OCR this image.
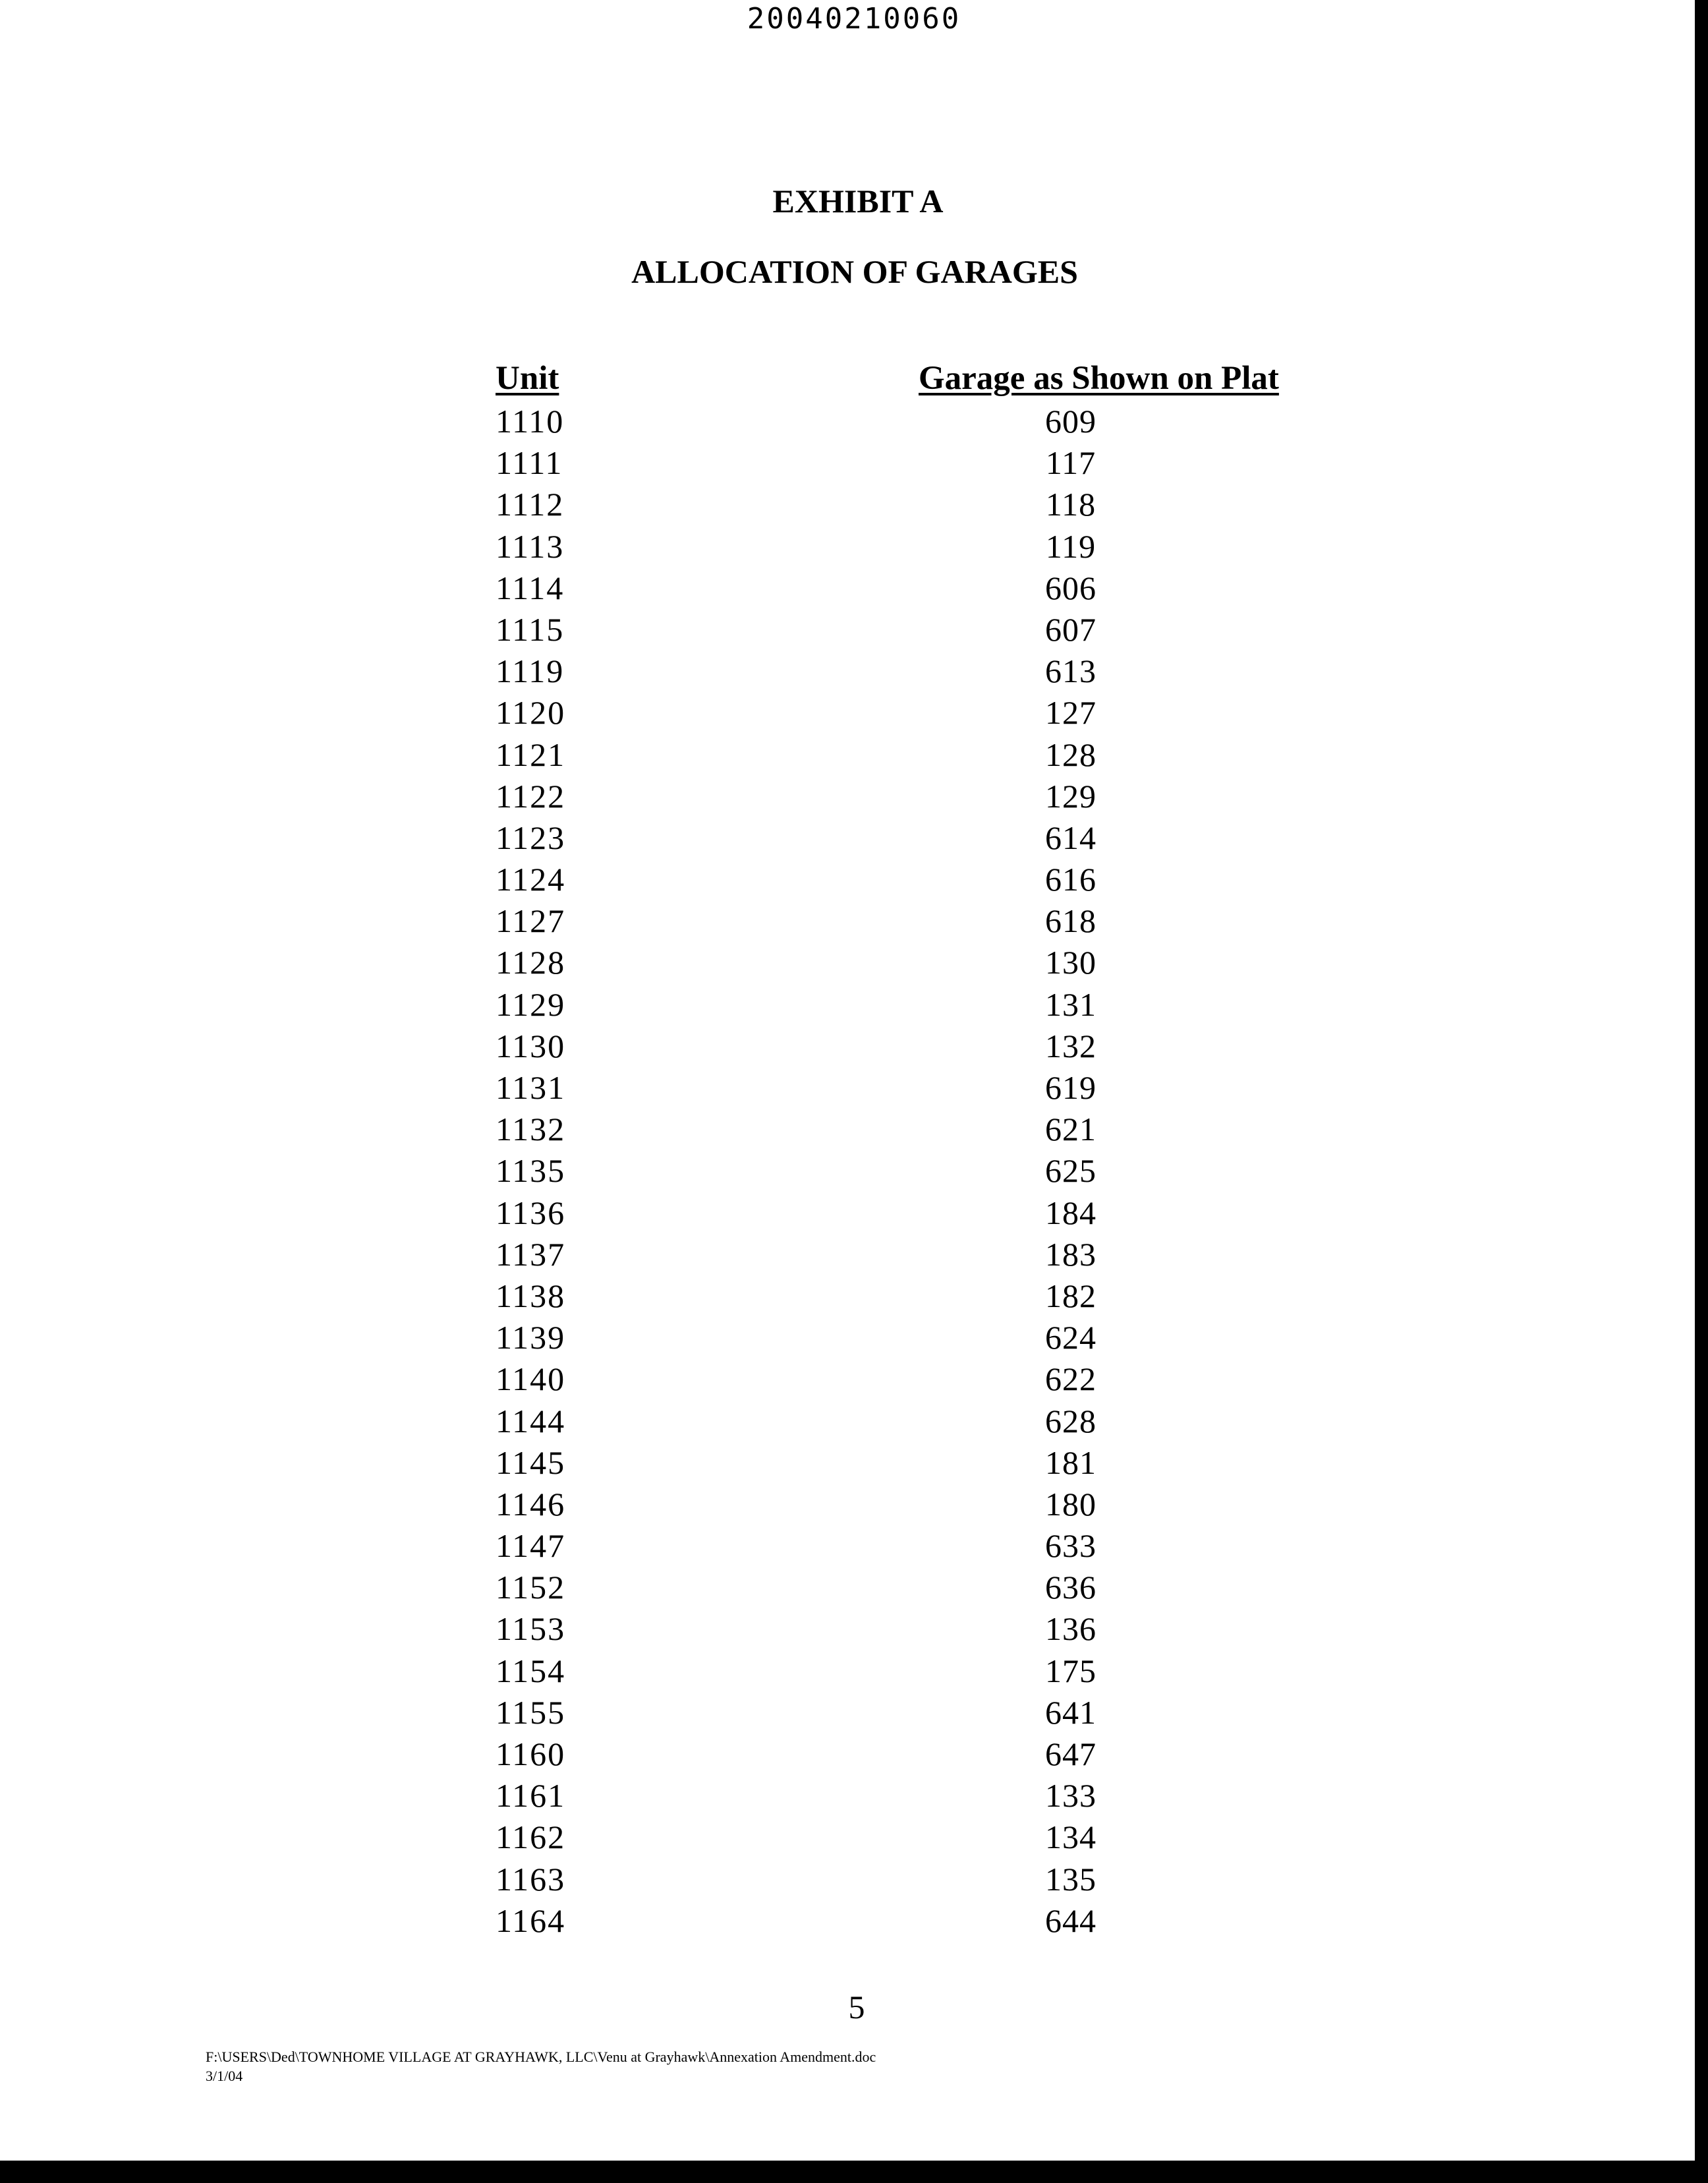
20040210060
EXHIBIT A
ALLOCATION OF GARAGES
Unit	Garage as Shown on Plat
1110	609
1111	117
1112	118
1113	119
1114	606
1115	607
1119	613
1120	127
1121	128
1122	129
1123	614
1124	616
1127	618
1128	130
1129	131
1130	132
1131	619
1132	621
1135	625
1136	184
1137	183
1138	182
1139	624
1140	622
1144	628
1145	181
1146	180
1147	633
1152	636
1153	136
1154	175
1155	641
1160	647
1161	133
1162	134
1163	135
1164	644
5
F:\USERS\Ded\TOWNHOME VILLAGE AT GRAYHAWK, LLC\Venu at Grayhawk\Annexation Amendment.doc
3/1/04
